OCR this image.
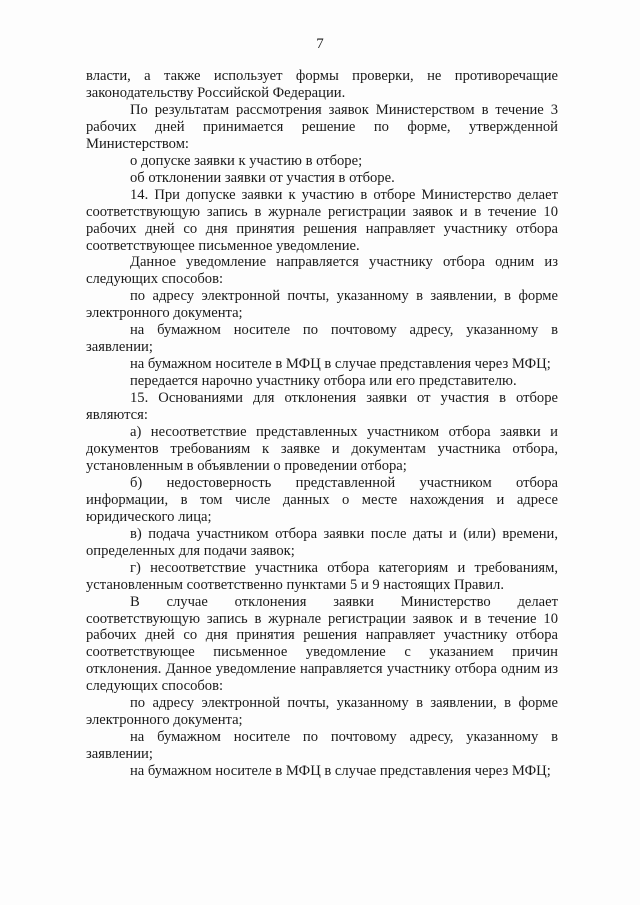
7

власти, а также использует формы проверки, не противоречащие законодательству Российской Федерации.

По результатам рассмотрения заявок Министерством в течение 3 рабочих дней принимается решение по форме, утвержденной Министерством:

о допуске заявки к участию в отборе;

об отклонении заявки от участия в отборе.

14. При допуске заявки к участию в отборе Министерство делает соответствующую запись в журнале регистрации заявок и в течение 10 рабочих дней со дня принятия решения направляет участнику отбора соответствующее письменное уведомление.

Данное уведомление направляется участнику отбора одним из следующих способов:

по адресу электронной почты, указанному в заявлении, в форме электронного документа;

на бумажном носителе по почтовому адресу, указанному в заявлении;

на бумажном носителе в МФЦ в случае представления через МФЦ;

передается нарочно участнику отбора или его представителю.

15. Основаниями для отклонения заявки от участия в отборе являются:

а) несоответствие представленных участником отбора заявки и документов требованиям к заявке и документам участника отбора, установленным в объявлении о проведении отбора;

б) недостоверность представленной участником отбора информации, в том числе данных о месте нахождения и адресе юридического лица;

в) подача участником отбора заявки после даты и (или) времени, определенных для подачи заявок;

г) несоответствие участника отбора категориям и требованиям, установленным соответственно пунктами 5 и 9 настоящих Правил.

В случае отклонения заявки Министерство делает соответствующую запись в журнале регистрации заявок и в течение 10 рабочих дней со дня принятия решения направляет участнику отбора соответствующее письменное уведомление с указанием причин отклонения. Данное уведомление направляется участнику отбора одним из следующих способов:

по адресу электронной почты, указанному в заявлении, в форме электронного документа;

на бумажном носителе по почтовому адресу, указанному в заявлении;

на бумажном носителе в МФЦ в случае представления через МФЦ;
